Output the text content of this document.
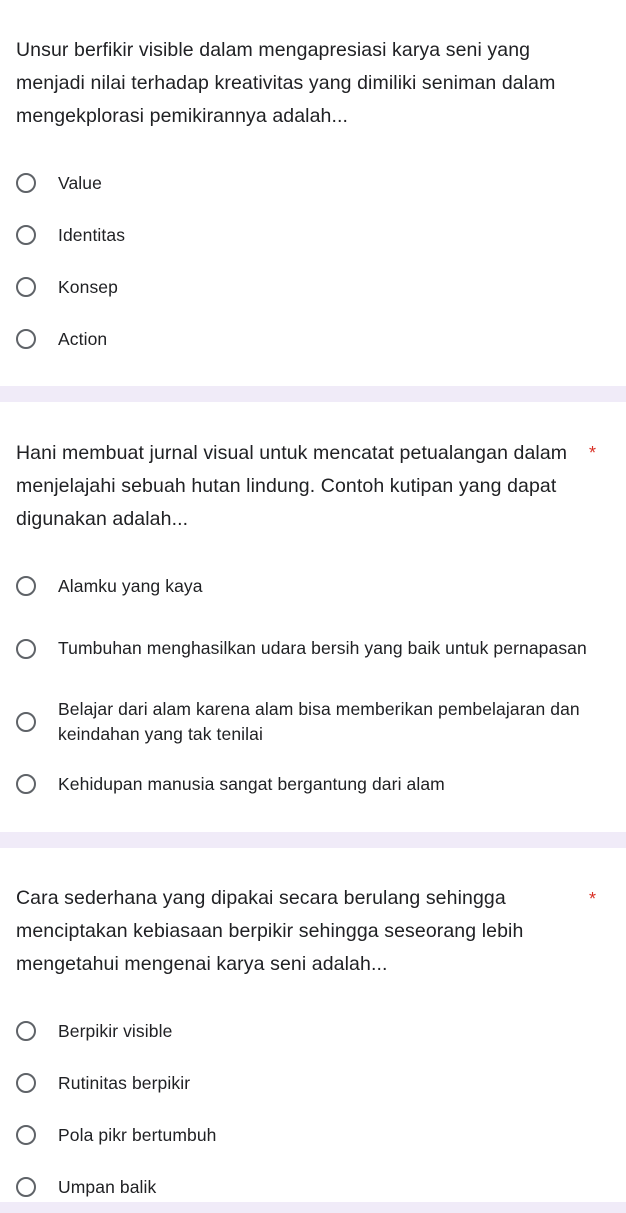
Unsur berfikir visible dalam mengapresiasi karya seni yang menjadi nilai terhadap kreativitas yang dimiliki seniman dalam mengekplorasi pemikirannya adalah...

Value
Identitas
Konsep
Action
*

Hani membuat jurnal visual untuk mencatat petualangan dalam menjelajahi sebuah hutan lindung. Contoh kutipan yang dapat digunakan adalah...

Alamku yang kaya
Tumbuhan menghasilkan udara bersih yang baik untuk pernapasan
Belajar dari alam karena alam bisa memberikan pembelajaran dan keindahan yang tak tenilai
Kehidupan manusia sangat bergantung dari alam
*

Cara sederhana yang dipakai secara berulang sehingga menciptakan kebiasaan berpikir sehingga seseorang lebih mengetahui mengenai karya seni adalah...

Berpikir visible
Rutinitas berpikir
Pola pikr bertumbuh
Umpan balik
